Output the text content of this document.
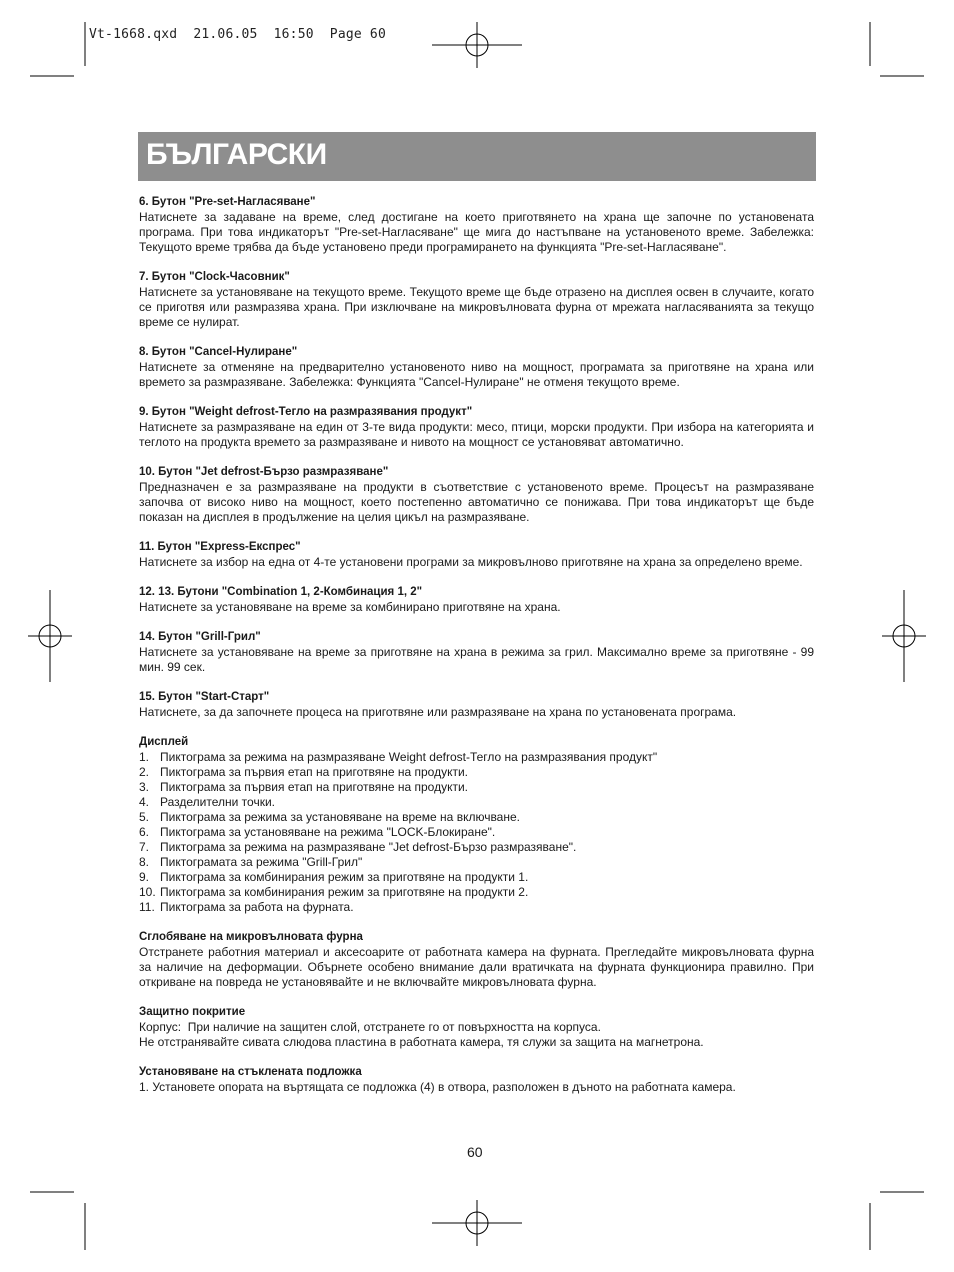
Vt-1668.qxd  21.06.05  16:50  Page 60
БЪЛГАРСКИ
6. Бутон "Pre-set-Нагласяване"

Натиснете за задаване на време, след достигане на което приготвянето на храна ще започне по установената програма. При това индикаторът "Pre-set-Нагласяване" ще мига до настъпване на установеното време. Забележка: Текущото време трябва да бъде установено преди програмирането на функцията "Pre-set-Нагласяване".

7. Бутон "Clock-Часовник"

Натиснете за установяване на текущото време. Текущото време ще бъде отразено на дисплея освен в случаите, когато се приготвя или размразява храна. При изключване на микровълновата фурна от мрежата нагласяванията за текущо време се нулират.

8. Бутон "Cancel-Нулиране"

Натиснете за отменяне на предварително установеното ниво на мощност, програмата за приготвяне на храна или времето за размразяване. Забележка: Функцията "Cancel-Нулиране" не отменя текущото време.

9. Бутон "Weight defrost-Тегло на размразявания продукт"

Натиснете за размразяване на един от 3-те вида продукти: месо, птици, морски продукти. При избора на категорията и теглото на продукта времето за размразяване и нивото на мощност се установяват автоматично.

10. Бутон "Jet defrost-Бързо размразяване"

Предназначен е за размразяване на продукти в съответствие с установеното време. Процесът на размразяване започва от високо ниво на мощност, което постепенно автоматично се понижава. При това индикаторът ще бъде показан на дисплея в продължение на целия цикъл на размразяване.

11. Бутон "Express-Експрес"

Натиснете за избор на една от 4-те установени програми за микровълново приготвяне на храна за определено време.

12. 13. Бутони "Combination 1, 2-Комбинация 1, 2"

Натиснете за установяване на време за комбинирано приготвяне на храна.

14. Бутон "Grill-Грил"

Натиснете за установяване на време за приготвяне на храна в режима за грил. Максимално време за приготвяне - 99 мин. 99 сек.

15. Бутон "Start-Старт"

Натиснете, за да започнете процеса на приготвяне или размразяване на храна по установената програма.

Дисплей
1. Пиктограма за режима на размразяване Weight defrost-Тегло на размразявания продукт"
2. Пиктограма за първия етап на приготвяне на продукти.
3. Пиктограма за първия етап на приготвяне на продукти.
4. Разделителни точки.
5. Пиктограма за режима за установяване на време на включване.
6. Пиктограма за установяване на режима "LOCK-Блокиране".
7. Пиктограма за режима на размразяване "Jet defrost-Бързо размразяване".
8. Пиктограмата за режима "Grill-Грил"
9. Пиктограма за комбинирания режим за приготвяне на продукти 1.
10. Пиктограма за комбинирания режим за приготвяне на продукти 2.
11. Пиктограма за работа на фурната.
Сглобяване на микровълновата фурна

Отстранете работния материал и аксесоарите от работната камера на фурната. Прегледайте микровълновата фурна за наличие на деформации. Обърнете особено внимание дали вратичката на фурната функционира правилно. При откриване на повреда не установявайте и не включвайте микровълновата фурна.

Защитно покритие

Корпус:  При наличие на защитен слой, отстранете го от повърхността на корпуса.

Не отстранявайте сивата слюдова пластина в работната камера, тя служи за защита на магнетрона.

Установяване на стъклената подложка

1. Установете опората на въртящата се подложка (4) в отвора, разположен в дъното на работната камера.

60
